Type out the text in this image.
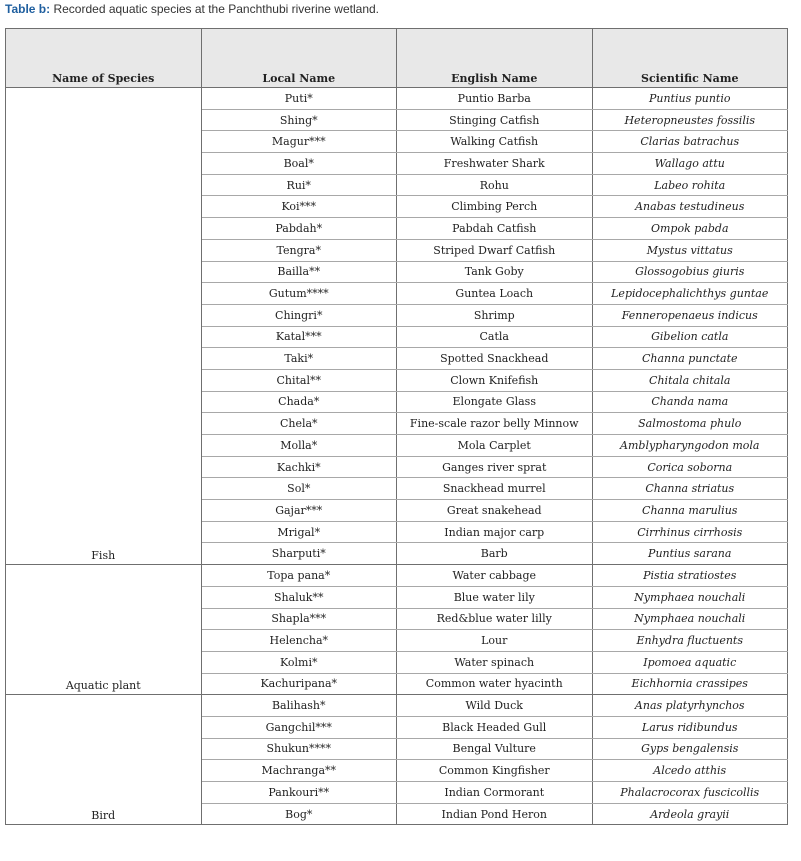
Table b: Recorded aquatic species at the Panchthubi riverine wetland.
Name of Species	Local Name	English Name	Scientific Name
Fish	Puti*	Puntio Barba	Puntius puntio
	Shing*	Stinging Catfish	Heteropneustes fossilis
	Magur***	Walking Catfish	Clarias batrachus
	Boal*	Freshwater Shark	Wallago attu
	Rui*	Rohu	Labeo rohita
	Koi***	Climbing Perch	Anabas testudineus
	Pabdah*	Pabdah Catfish	Ompok pabda
	Tengra*	Striped Dwarf Catfish	Mystus vittatus
	Bailla**	Tank Goby	Glossogobius giuris
	Gutum****	Guntea Loach	Lepidocephalichthys guntae
	Chingri*	Shrimp	Fenneropenaeus indicus
	Katal***	Catla	Gibelion catla
	Taki*	Spotted Snackhead	Channa punctate
	Chital**	Clown Knifefish	Chitala chitala
	Chada*	Elongate Glass	Chanda nama
	Chela*	Fine-scale razor belly Minnow	Salmostoma phulo
	Molla*	Mola Carplet	Amblypharyngodon mola
	Kachki*	Ganges river sprat	Corica soborna
	Sol*	Snackhead murrel	Channa striatus
	Gajar***	Great snakehead	Channa marulius
	Mrigal*	Indian major carp	Cirrhinus cirrhosis
	Sharputi*	Barb	Puntius sarana
Aquatic plant	Topa pana*	Water cabbage	Pistia stratiostes
	Shaluk**	Blue water lily	Nymphaea nouchali
	Shapla***	Red&blue water lilly	Nymphaea nouchali
	Helencha*	Lour	Enhydra fluctuents
	Kolmi*	Water spinach	Ipomoea aquatic
	Kachuripana*	Common water hyacinth	Eichhornia crassipes
Bird	Balihash*	Wild Duck	Anas platyrhynchos
	Gangchil***	Black Headed Gull	Larus ridibundus
	Shukun****	Bengal Vulture	Gyps bengalensis
	Machranga**	Common Kingfisher	Alcedo atthis
	Pankouri**	Indian Cormorant	Phalacrocorax fuscicollis
	Bog*	Indian Pond Heron	Ardeola grayii
